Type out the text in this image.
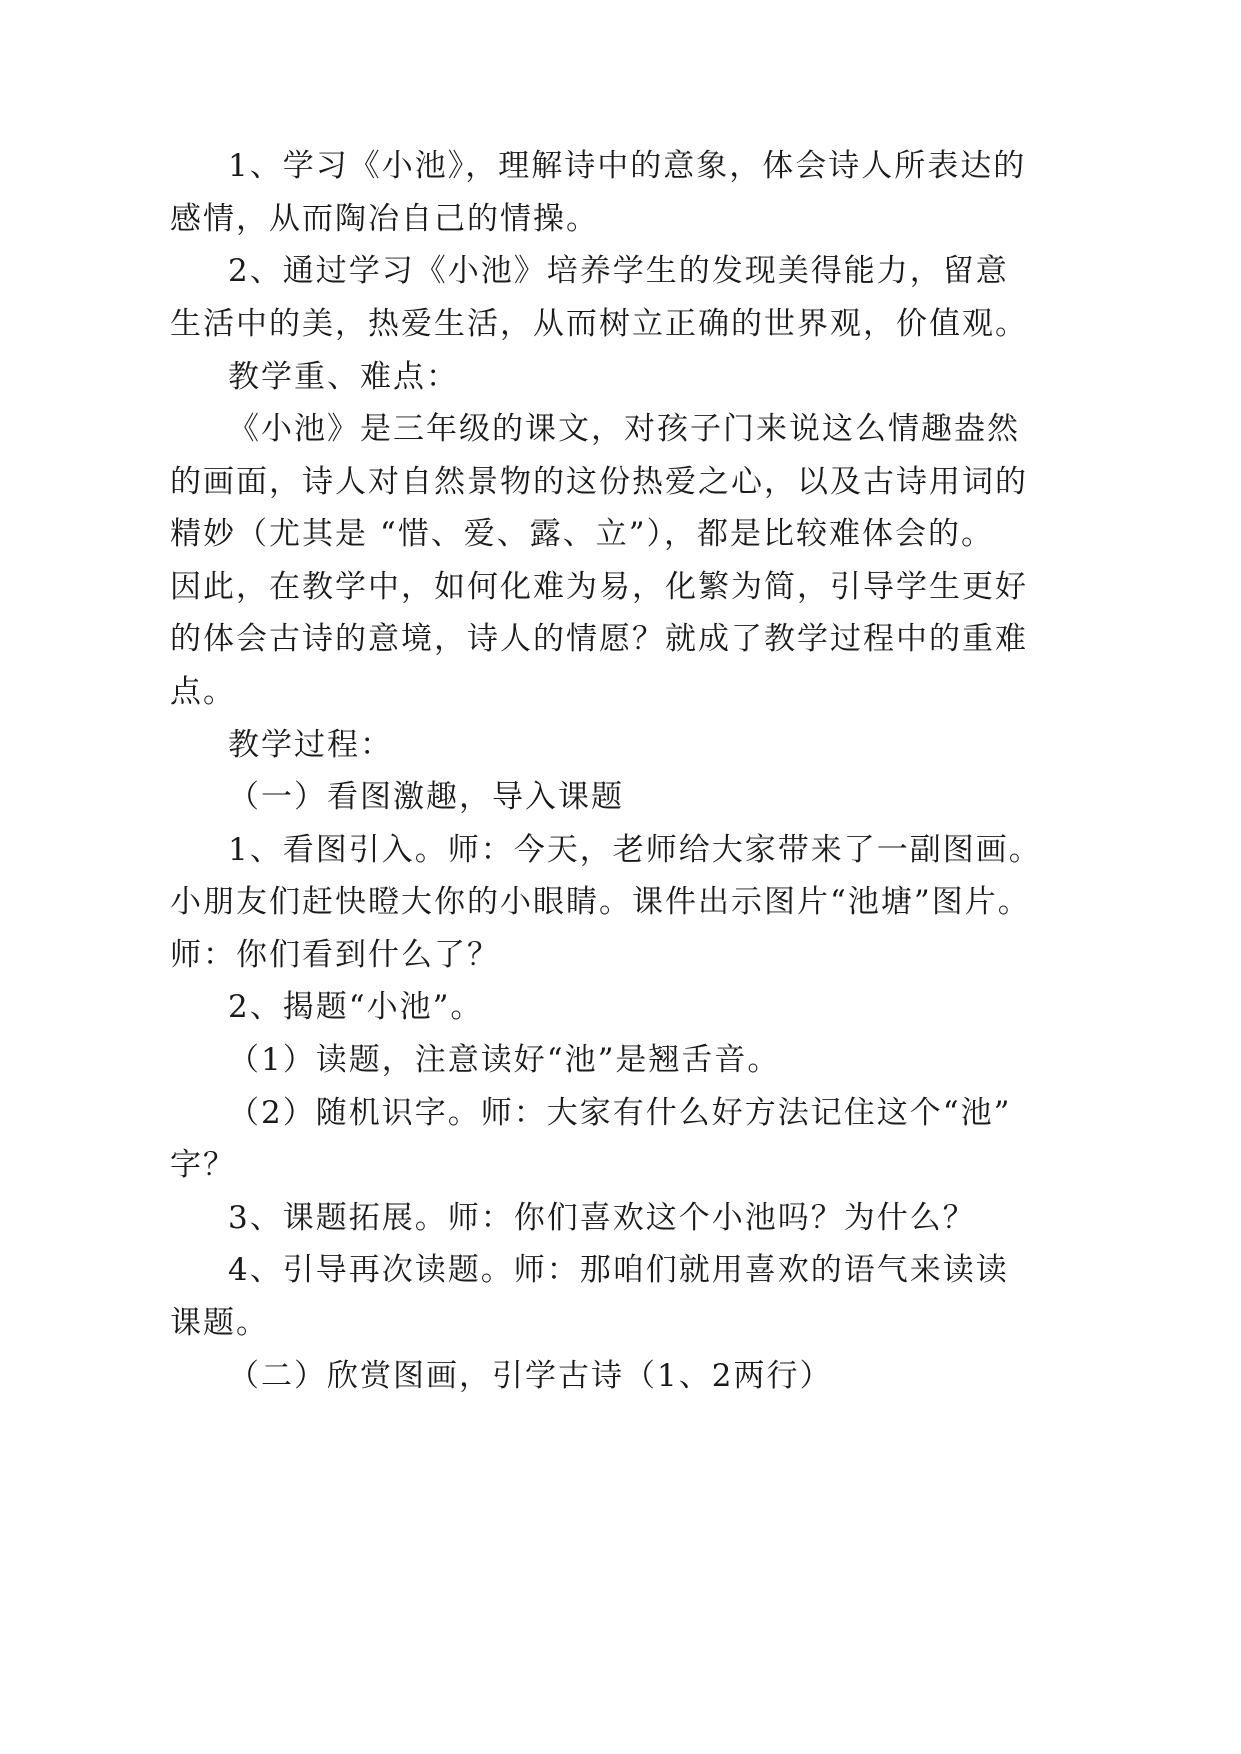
1、学习《小池》，理解诗中的意象，体会诗人所表达的
感情，从而陶冶自己的情操。
2、通过学习《小池》培养学生的发现美得能力，留意
生活中的美，热爱生活，从而树立正确的世界观，价值观。
教学重、难点：
《小池》是三年级的课文，对孩子门来说这么情趣盎然
的画面，诗人对自然景物的这份热爱之心，以及古诗用词的
精妙（尤其是 “惜、爱、露、立”），都是比较难体会的。
因此，在教学中，如何化难为易，化繁为简，引导学生更好
的体会古诗的意境，诗人的情愿？就成了教学过程中的重难
点。
教学过程：
（一）看图激趣，导入课题
1、看图引入。师：今天，老师给大家带来了一副图画。
小朋友们赶快瞪大你的小眼睛。课件出示图片“池塘”图片。
师：你们看到什么了？
2、揭题“小池”。
（1）读题，注意读好“池”是翘舌音。
（2）随机识字。师：大家有什么好方法记住这个“池”
字？
3、课题拓展。师：你们喜欢这个小池吗？为什么？
4、引导再次读题。师：那咱们就用喜欢的语气来读读
课题。
（二）欣赏图画，引学古诗（1、2两行）
